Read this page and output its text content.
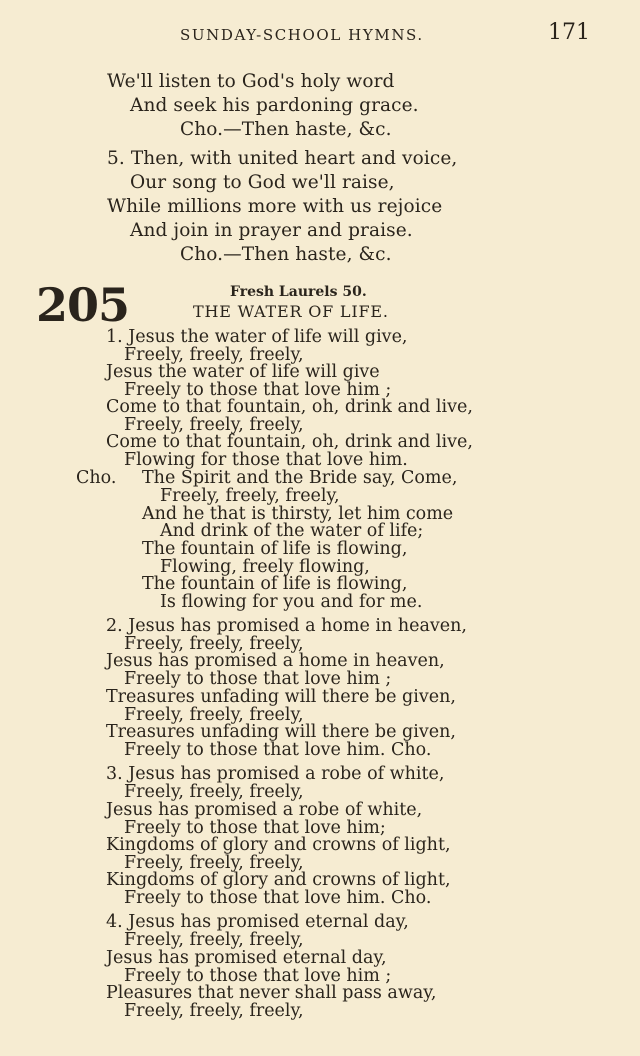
SUNDAY-SCHOOL HYMNS.	171
We'll listen to God's holy word
And seek his pardoning grace.
Cho.—Then haste, &c.
5. Then, with united heart and voice,
Our song to God we'll raise,
While millions more with us rejoice
And join in prayer and praise.
Cho.—Then haste, &c.
205	Fresh Laurels 50.
THE WATER OF LIFE.
1. Jesus the water of life will give,
Freely, freely, freely,
Jesus the water of life will give
Freely to those that love him ;
Come to that fountain, oh, drink and live,
Freely, freely, freely,
Come to that fountain, oh, drink and live,
Flowing for those that love him.
Cho. The Spirit and the Bride say, Come,
Freely, freely, freely,
And he that is thirsty, let him come
And drink of the water of life;
The fountain of life is flowing,
Flowing, freely flowing,
The fountain of life is flowing,
Is flowing for you and for me.
2. Jesus has promised a home in heaven,
Freely, freely, freely,
Jesus has promised a home in heaven,
Freely to those that love him ;
Treasures unfading will there be given,
Freely, freely, freely,
Treasures unfading will there be given,
Freely to those that love him. Cho.
3. Jesus has promised a robe of white,
Freely, freely, freely,
Jesus has promised a robe of white,
Freely to those that love him;
Kingdoms of glory and crowns of light,
Freely, freely, freely,
Kingdoms of glory and crowns of light,
Freely to those that love him. Cho.
4. Jesus has promised eternal day,
Freely, freely, freely,
Jesus has promised eternal day,
Freely to those that love him ;
Pleasures that never shall pass away,
Freely, freely, freely,
